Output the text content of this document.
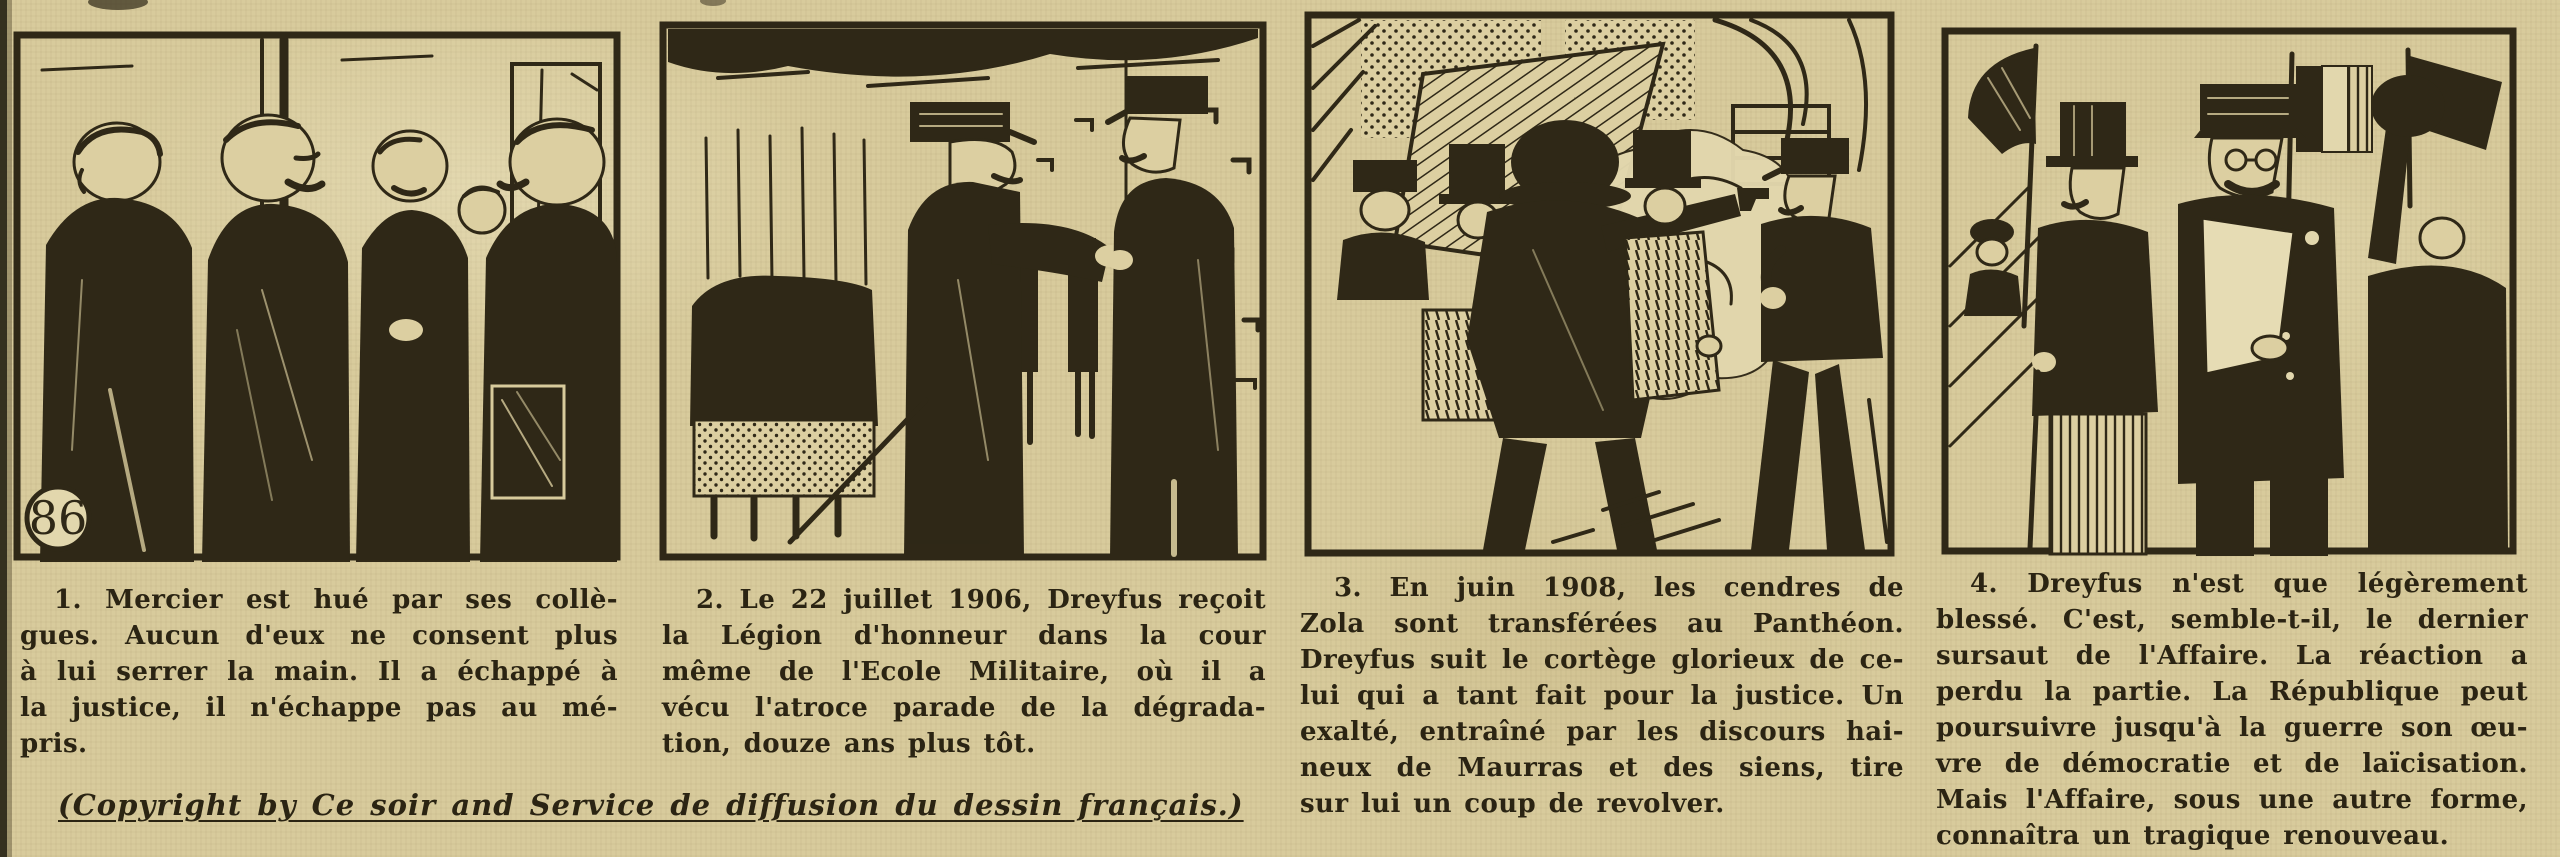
86
1. Mercier est hué par ses collè-
gues. Aucun d'eux ne consent plus
à lui serrer la main. Il a échappé à
la justice, il n'échappe pas au mé-
pris.
2. Le 22 juillet 1906, Dreyfus reçoit
la Légion d'honneur dans la cour
même de l'Ecole Militaire, où il a
vécu l'atroce parade de la dégrada-
tion, douze ans plus tôt.
3. En juin 1908, les cendres de
Zola sont transférées au Panthéon.
Dreyfus suit le cortège glorieux de ce-
lui qui a tant fait pour la justice. Un
exalté, entraîné par les discours hai-
neux de Maurras et des siens, tire
sur lui un coup de revolver.
4. Dreyfus n'est que légèrement
blessé. C'est, semble-t-il, le dernier
sursaut de l'Affaire. La réaction a
perdu la partie. La République peut
poursuivre jusqu'à la guerre son œu-
vre de démocratie et de laïcisation.
Mais l'Affaire, sous une autre forme,
connaîtra un tragique renouveau.
(Copyright by Ce soir and Service de diffusion du dessin français.)
